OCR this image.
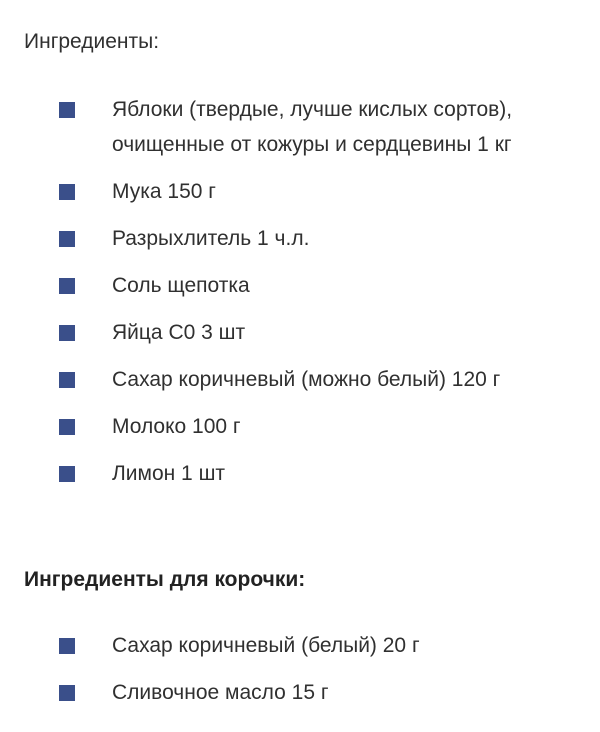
Ингредиенты:
Яблоки (твердые, лучше кислых сортов), очищенные от кожуры и сердцевины 1 кг
Мука 150 г
Разрыхлитель 1 ч.л.
Соль щепотка
Яйца С0 3 шт
Сахар коричневый (можно белый) 120 г
Молоко 100 г
Лимон 1 шт
Ингредиенты для корочки:
Сахар коричневый (белый) 20 г
Сливочное масло 15 г
